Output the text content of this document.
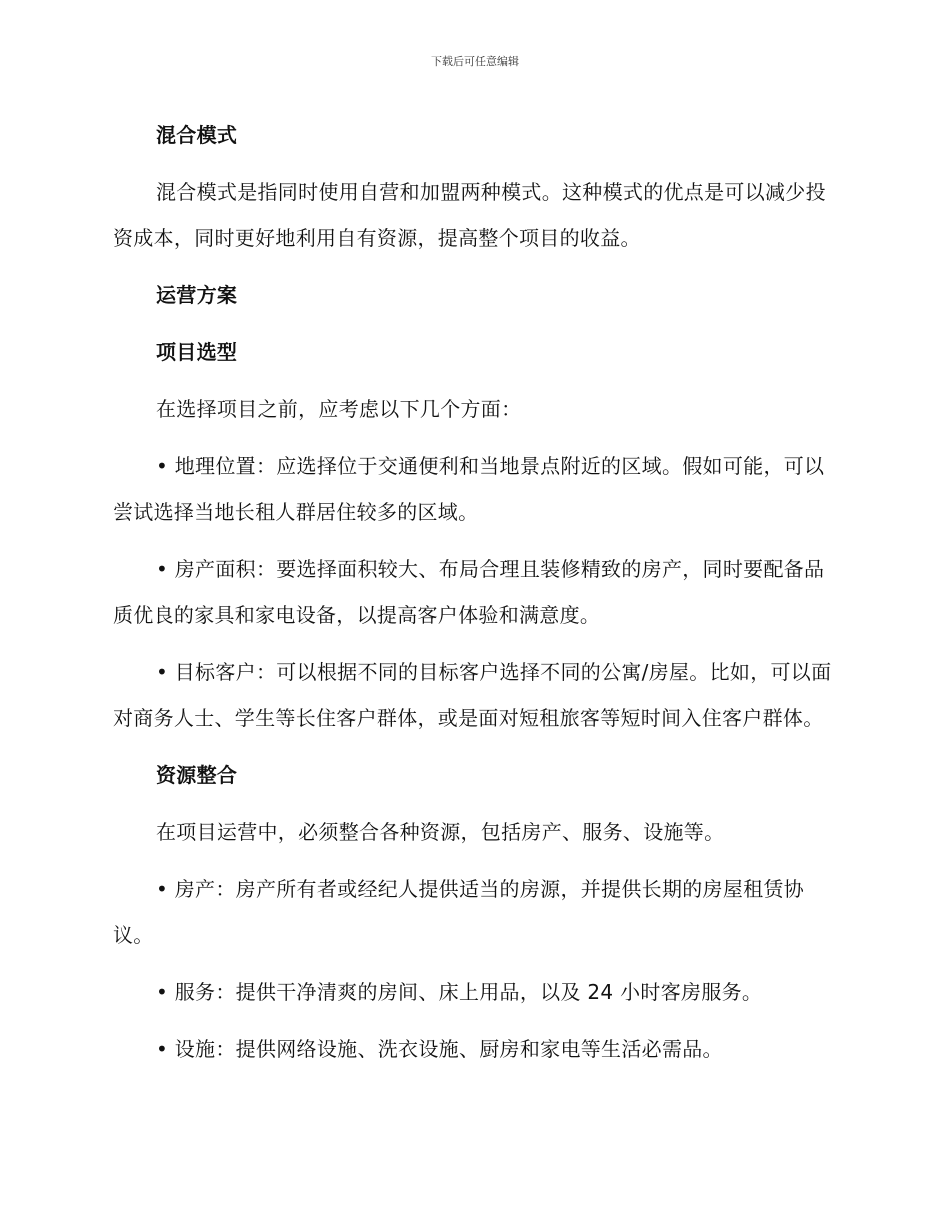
下载后可任意编辑

混合模式

混合模式是指同时使用自营和加盟两种模式。这种模式的优点是可以减少投资成本，同时更好地利用自有资源，提高整个项目的收益。

运营方案

项目选型

在选择项目之前，应考虑以下几个方面：

• 地理位置：应选择位于交通便利和当地景点附近的区域。假如可能，可以尝试选择当地长租人群居住较多的区域。

• 房产面积：要选择面积较大、布局合理且装修精致的房产，同时要配备品质优良的家具和家电设备，以提高客户体验和满意度。

• 目标客户：可以根据不同的目标客户选择不同的公寓/房屋。比如，可以面对商务人士、学生等长住客户群体，或是面对短租旅客等短时间入住客户群体。

资源整合

在项目运营中，必须整合各种资源，包括房产、服务、设施等。

• 房产：房产所有者或经纪人提供适当的房源，并提供长期的房屋租赁协议。

• 服务：提供干净清爽的房间、床上用品，以及 24 小时客房服务。

• 设施：提供网络设施、洗衣设施、厨房和家电等生活必需品。
